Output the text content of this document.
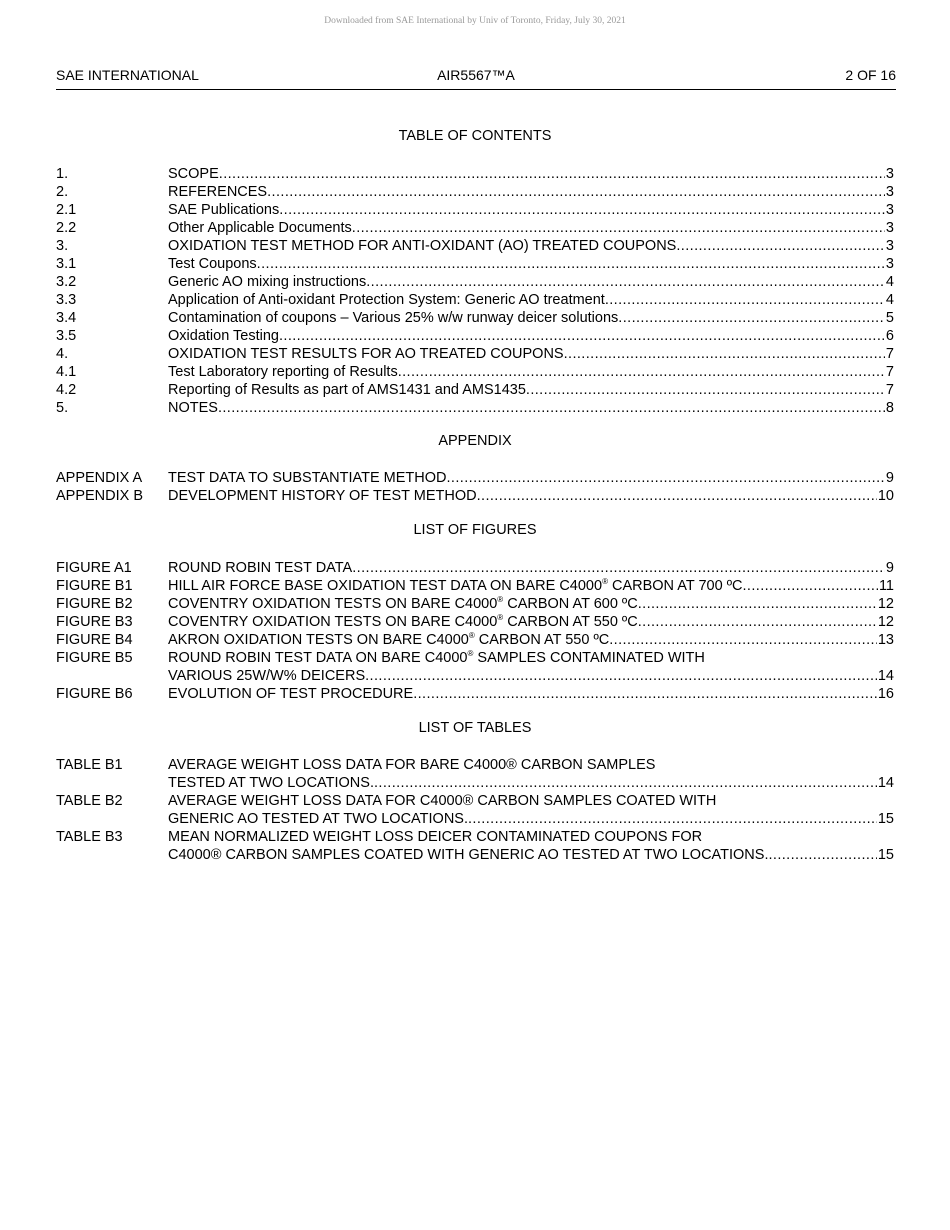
Downloaded from SAE International by Univ of Toronto, Friday, July 30, 2021
SAE INTERNATIONAL	AIR5567™A	2 OF 16
TABLE OF CONTENTS
1.	SCOPE .....	3
2.	REFERENCES .....	3
2.1	SAE Publications .....	3
2.2	Other Applicable Documents .....	3
3.	OXIDATION TEST METHOD FOR ANTI-OXIDANT (AO) TREATED COUPONS .....	3
3.1	Test Coupons .....	3
3.2	Generic AO mixing instructions .....	4
3.3	Application of Anti-oxidant Protection System: Generic AO treatment .....	4
3.4	Contamination of coupons – Various 25% w/w runway deicer solutions .....	5
3.5	Oxidation Testing .....	6
4.	OXIDATION TEST RESULTS FOR AO TREATED COUPONS .....	7
4.1	Test Laboratory reporting of Results .....	7
4.2	Reporting of Results as part of AMS1431 and AMS1435 .....	7
5.	NOTES .....	8
APPENDIX
APPENDIX A	TEST DATA TO SUBSTANTIATE METHOD .....	9
APPENDIX B	DEVELOPMENT HISTORY OF TEST METHOD .....	10
LIST OF FIGURES
FIGURE A1	ROUND ROBIN TEST DATA .....	9
FIGURE B1	HILL AIR FORCE BASE OXIDATION TEST DATA ON BARE C4000® CARBON AT 700 ºC .....	11
FIGURE B2	COVENTRY OXIDATION TESTS ON BARE C4000® CARBON AT 600 ºC .....	12
FIGURE B3	COVENTRY OXIDATION TESTS ON BARE C4000® CARBON AT 550 ºC .....	12
FIGURE B4	AKRON OXIDATION TESTS ON BARE C4000® CARBON AT 550 ºC .....	13
FIGURE B5	ROUND ROBIN TEST DATA ON BARE C4000® SAMPLES CONTAMINATED WITH
VARIOUS 25W/W% DEICERS .....	14
FIGURE B6	EVOLUTION OF TEST PROCEDURE .....	16
LIST OF TABLES
TABLE B1	AVERAGE WEIGHT LOSS DATA FOR BARE C4000® CARBON SAMPLES
TESTED AT TWO LOCATIONS. .....	14
TABLE B2	AVERAGE WEIGHT LOSS DATA FOR C4000® CARBON SAMPLES COATED WITH
GENERIC AO TESTED AT TWO LOCATIONS. .....	15
TABLE B3	MEAN NORMALIZED WEIGHT LOSS DEICER CONTAMINATED COUPONS FOR
C4000® CARBON SAMPLES COATED WITH GENERIC AO TESTED AT TWO LOCATIONS. .....	15
